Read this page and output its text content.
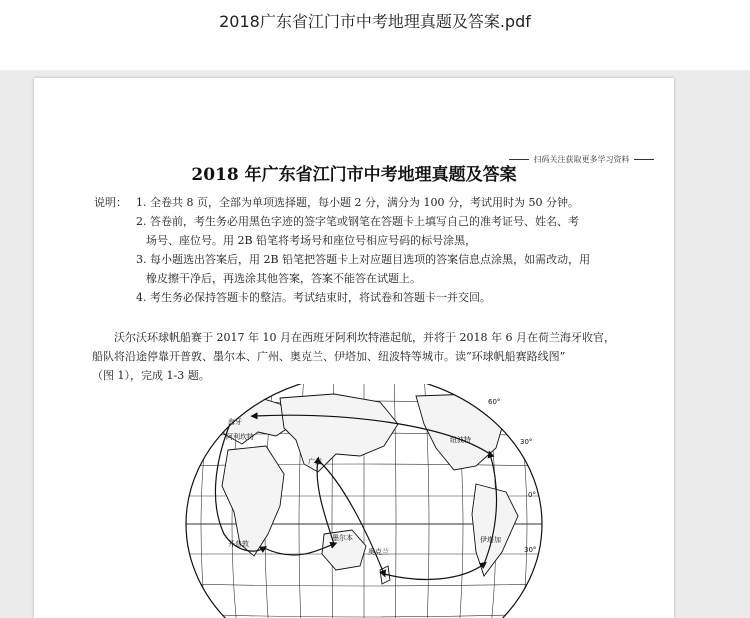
2018广东省江门市中考地理真题及答案.pdf
扫码关注获取更多学习资料
2018 年广东省江门市中考地理真题及答案
说明： 1. 全卷共 8 页，全部为单项选择题，每小题 2 分，满分为 100 分，考试用时为 50 分钟。
2. 答卷前，考生务必用黑色字迹的签字笔或钢笔在答题卡上填写自己的准考证号、姓名、考
场号、座位号。用 2B 铅笔将考场号和座位号相应号码的标号涂黑，
3. 每小题选出答案后，用 2B 铅笔把答题卡上对应题目选项的答案信息点涂黑，如需改动，用
橡皮擦干净后，再选涂其他答案，答案不能答在试题上。
4. 考生务必保持答题卡的整洁。考试结束时，将试卷和答题卡一并交回。
沃尔沃环球帆船赛于 2017 年 10 月在西班牙阿利坎特港起航，并将于 2018 年 6 月在荷兰海牙收官，
船队将沿途停靠开普敦、墨尔本、广州、奥克兰、伊塔加、纽波特等城市。读“环球帆船赛路线图”
（图 1），完成 1-3 题。
海牙
阿利坎特
广州
纽波特
开普敦
墨尔本
奥克兰
伊塔加
60°
30°
0°
30°
